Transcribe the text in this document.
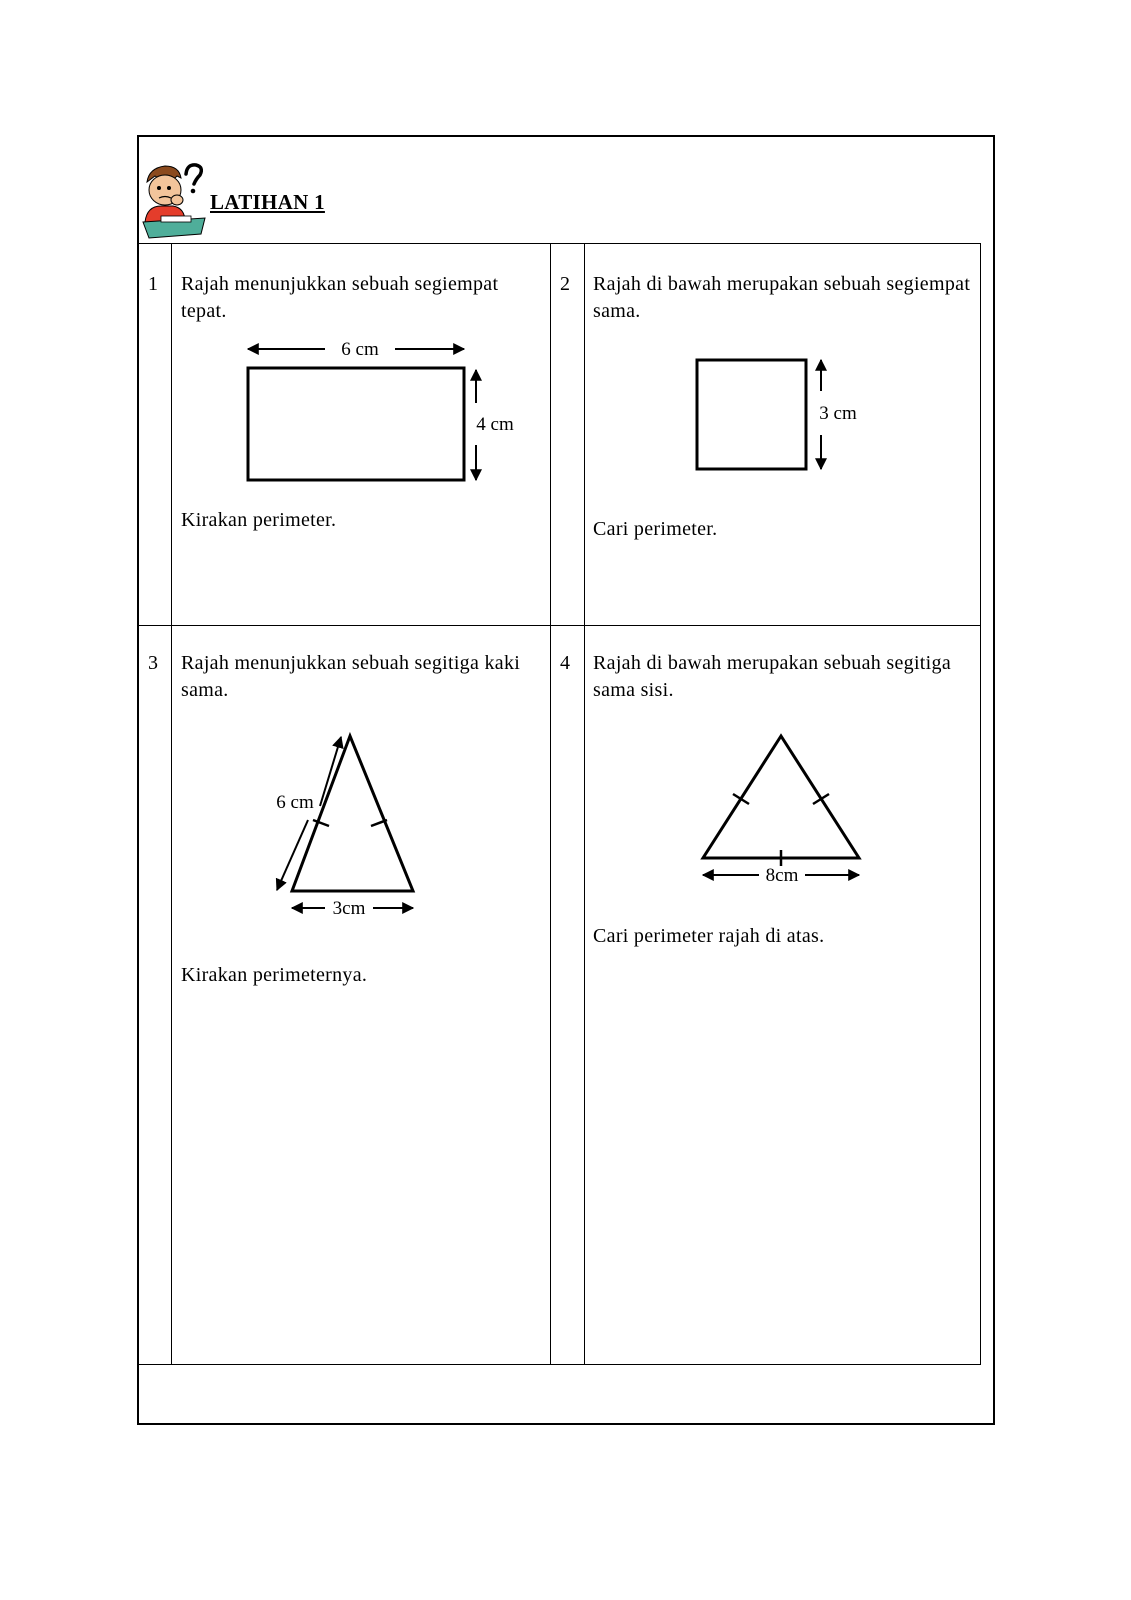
LATIHAN 1
1 Rajah menunjukkan sebuah segiempat tepat.
6 cm
4 cm
Kirakan perimeter.
2 Rajah di bawah merupakan sebuah segiempat sama.
3 cm
Cari perimeter.
3 Rajah menunjukkan sebuah segitiga kaki sama.
6 cm
3cm
Kirakan perimeternya.
4 Rajah di bawah merupakan sebuah segitiga sama sisi.
8cm
Cari perimeter rajah di atas.
